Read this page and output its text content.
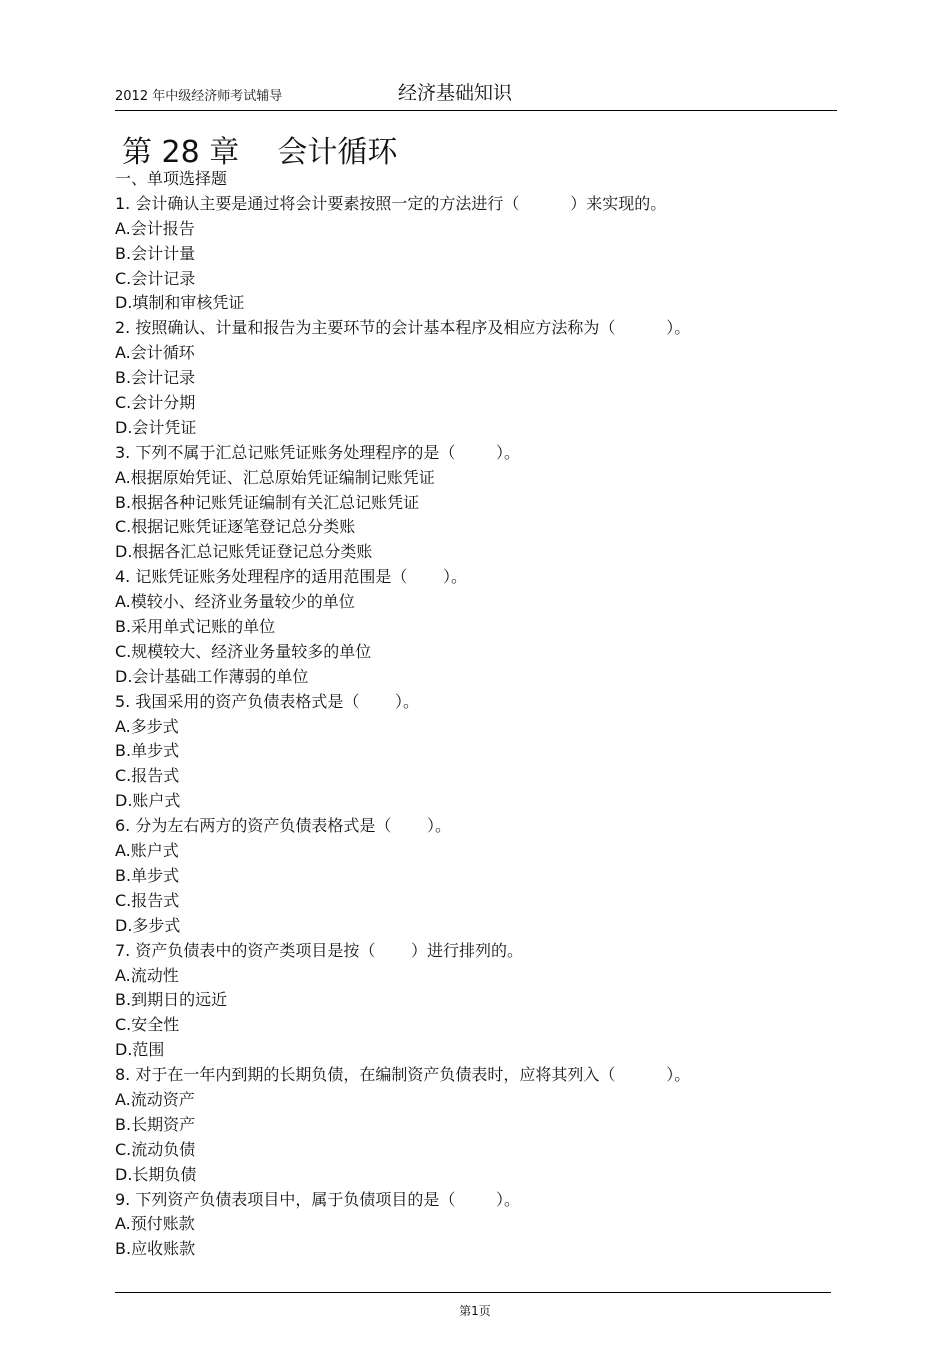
2012 年中级经济师考试辅导	经济基础知识
第 28 章    会计循环
一、单项选择题
1. 会计确认主要是通过将会计要素按照一定的方法进行（          ）来实现的。
A.会计报告
B.会计计量
C.会计记录
D.填制和审核凭证
2. 按照确认、计量和报告为主要环节的会计基本程序及相应方法称为（          ）。
A.会计循环
B.会计记录
C.会计分期
D.会计凭证
3. 下列不属于汇总记账凭证账务处理程序的是（        ）。
A.根据原始凭证、汇总原始凭证编制记账凭证
B.根据各种记账凭证编制有关汇总记账凭证
C.根据记账凭证逐笔登记总分类账
D.根据各汇总记账凭证登记总分类账
4. 记账凭证账务处理程序的适用范围是（       ）。
A.模较小、经济业务量较少的单位
B.采用单式记账的单位
C.规模较大、经济业务量较多的单位
D.会计基础工作薄弱的单位
5. 我国采用的资产负债表格式是（       ）。
A.多步式
B.单步式
C.报告式
D.账户式
6. 分为左右两方的资产负债表格式是（       ）。
A.账户式
B.单步式
C.报告式
D.多步式
7. 资产负债表中的资产类项目是按（       ）进行排列的。
A.流动性
B.到期日的远近
C.安全性
D.范围
8. 对于在一年内到期的长期负债，在编制资产负债表时，应将其列入（          ）。
A.流动资产
B.长期资产
C.流动负债
D.长期负债
9. 下列资产负债表项目中，属于负债项目的是（        ）。
A.预付账款
B.应收账款
第1页
